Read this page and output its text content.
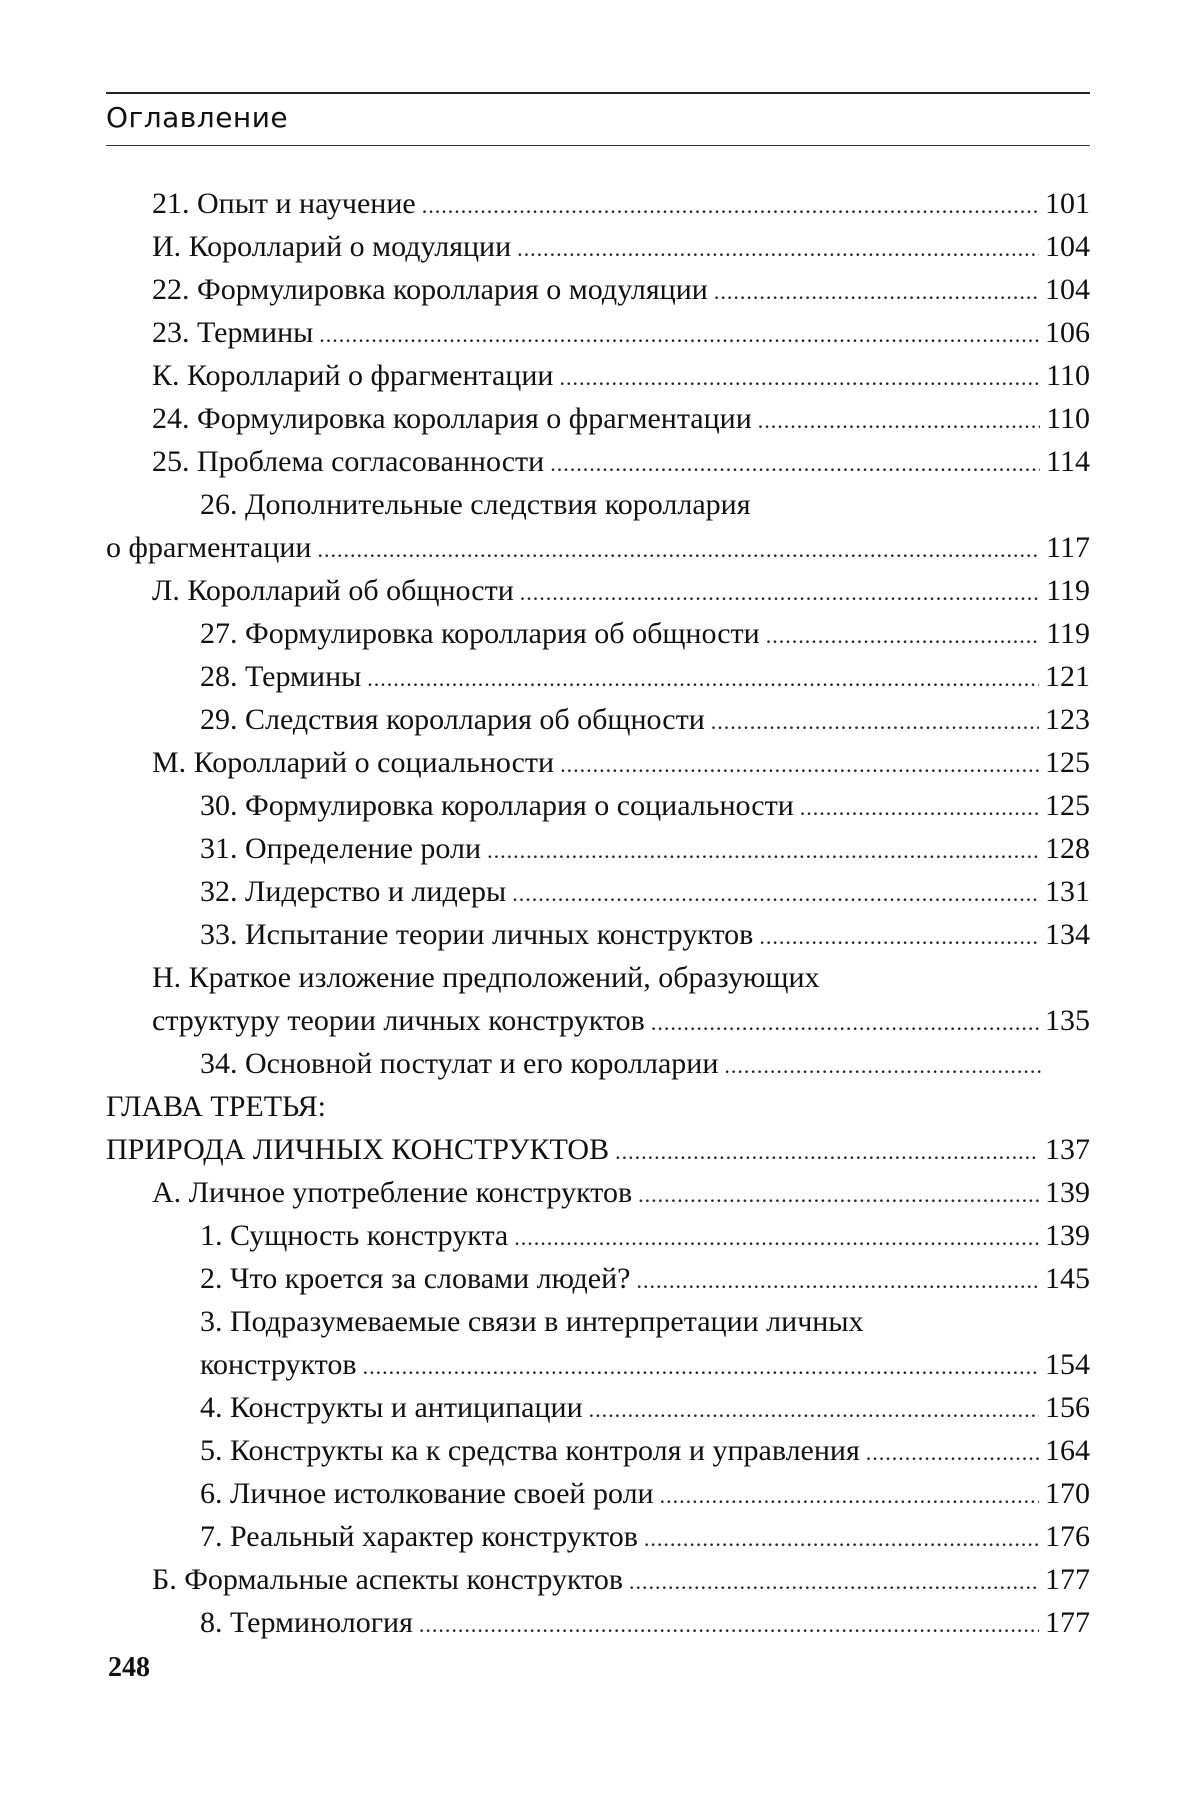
Оглавление
21. Опыт и научение .....	101
И. Королларий о модуляции .....	104
22. Формулировка короллария о модуляции .....	104
23. Термины .....	106
К. Королларий о фрагментации .....	110
24. Формулировка короллария о фрагментации .....	110
25. Проблема согласованности .....	114
26. Дополнительные следствия короллария
о фрагментации .....	117
Л. Королларий об общности .....	119
27. Формулировка короллария об общности .....	119
28. Термины .....	121
29. Следствия короллария об общности .....	123
М. Королларий о социальности .....	125
30. Формулировка короллария о социальности .....	125
31. Определение роли .....	128
32. Лидерство и лидеры .....	131
33. Испытание теории личных конструктов .....	134
Н. Краткое изложение предположений, образующих
структуру теории личных конструктов .....	135
34. Основной постулат и его королларии
.....
ГЛАВА ТРЕТЬЯ:
ПРИРОДА ЛИЧНЫХ КОНСТРУКТОВ .....	137
А. Личное употребление конструктов .....	139
1. Сущность конструкта .....	139
2. Что кроется за словами людей? .....	145
3. Подразумеваемые связи в интерпретации личных
конструктов .....	154
4. Конструкты и антиципации .....	156
5. Конструкты ка к средства контроля и управления .....	164
6. Личное истолкование своей роли .....	170
7. Реальный характер конструктов .....	176
Б. Формальные аспекты конструктов .....	177
8. Терминология .....	177
248
